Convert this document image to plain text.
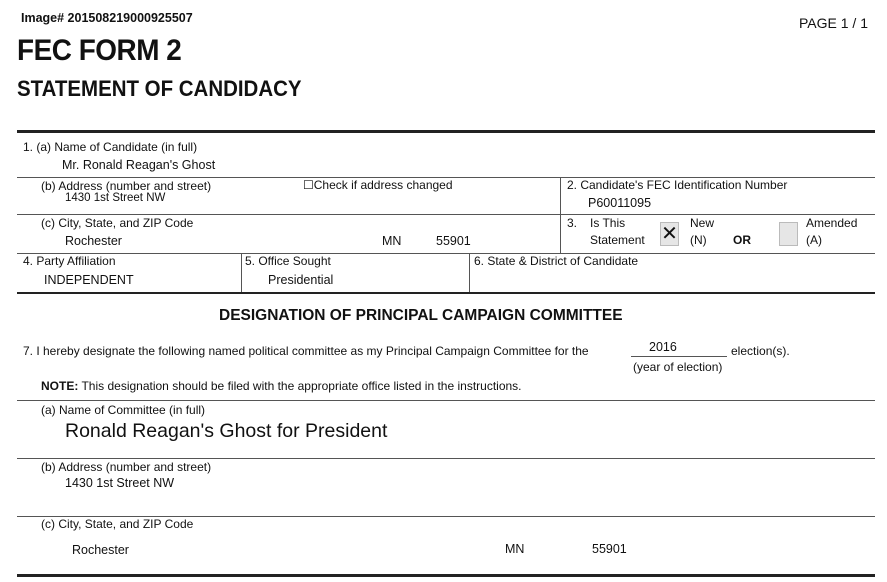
Image# 201508219000925507	PAGE 1 / 1
FEC FORM 2
STATEMENT OF CANDIDACY
1. (a) Name of Candidate (in full)
Mr. Ronald Reagan's Ghost
(b) Address (number and street)
1430 1st Street NW
☐Check if address changed	2. Candidate's FEC Identification Number
P60011095
(c) City, State, and ZIP Code
Rochester	MN	55901
3. Is This
Statement ✕ New
(N) OR
Amended
(A)
4. Party Affiliation
INDEPENDENT
5. Office Sought
Presidential
6. State & District of Candidate
DESIGNATION OF PRINCIPAL CAMPAIGN COMMITTEE
7. I hereby designate the following named political committee as my Principal Campaign Committee for the	2016	election(s).
(year of election)
NOTE: This designation should be filed with the appropriate office listed in the instructions.
(a) Name of Committee (in full)
Ronald Reagan's Ghost for President
(b) Address (number and street)
1430 1st Street NW
(c) City, State, and ZIP Code
Rochester	MN	55901
